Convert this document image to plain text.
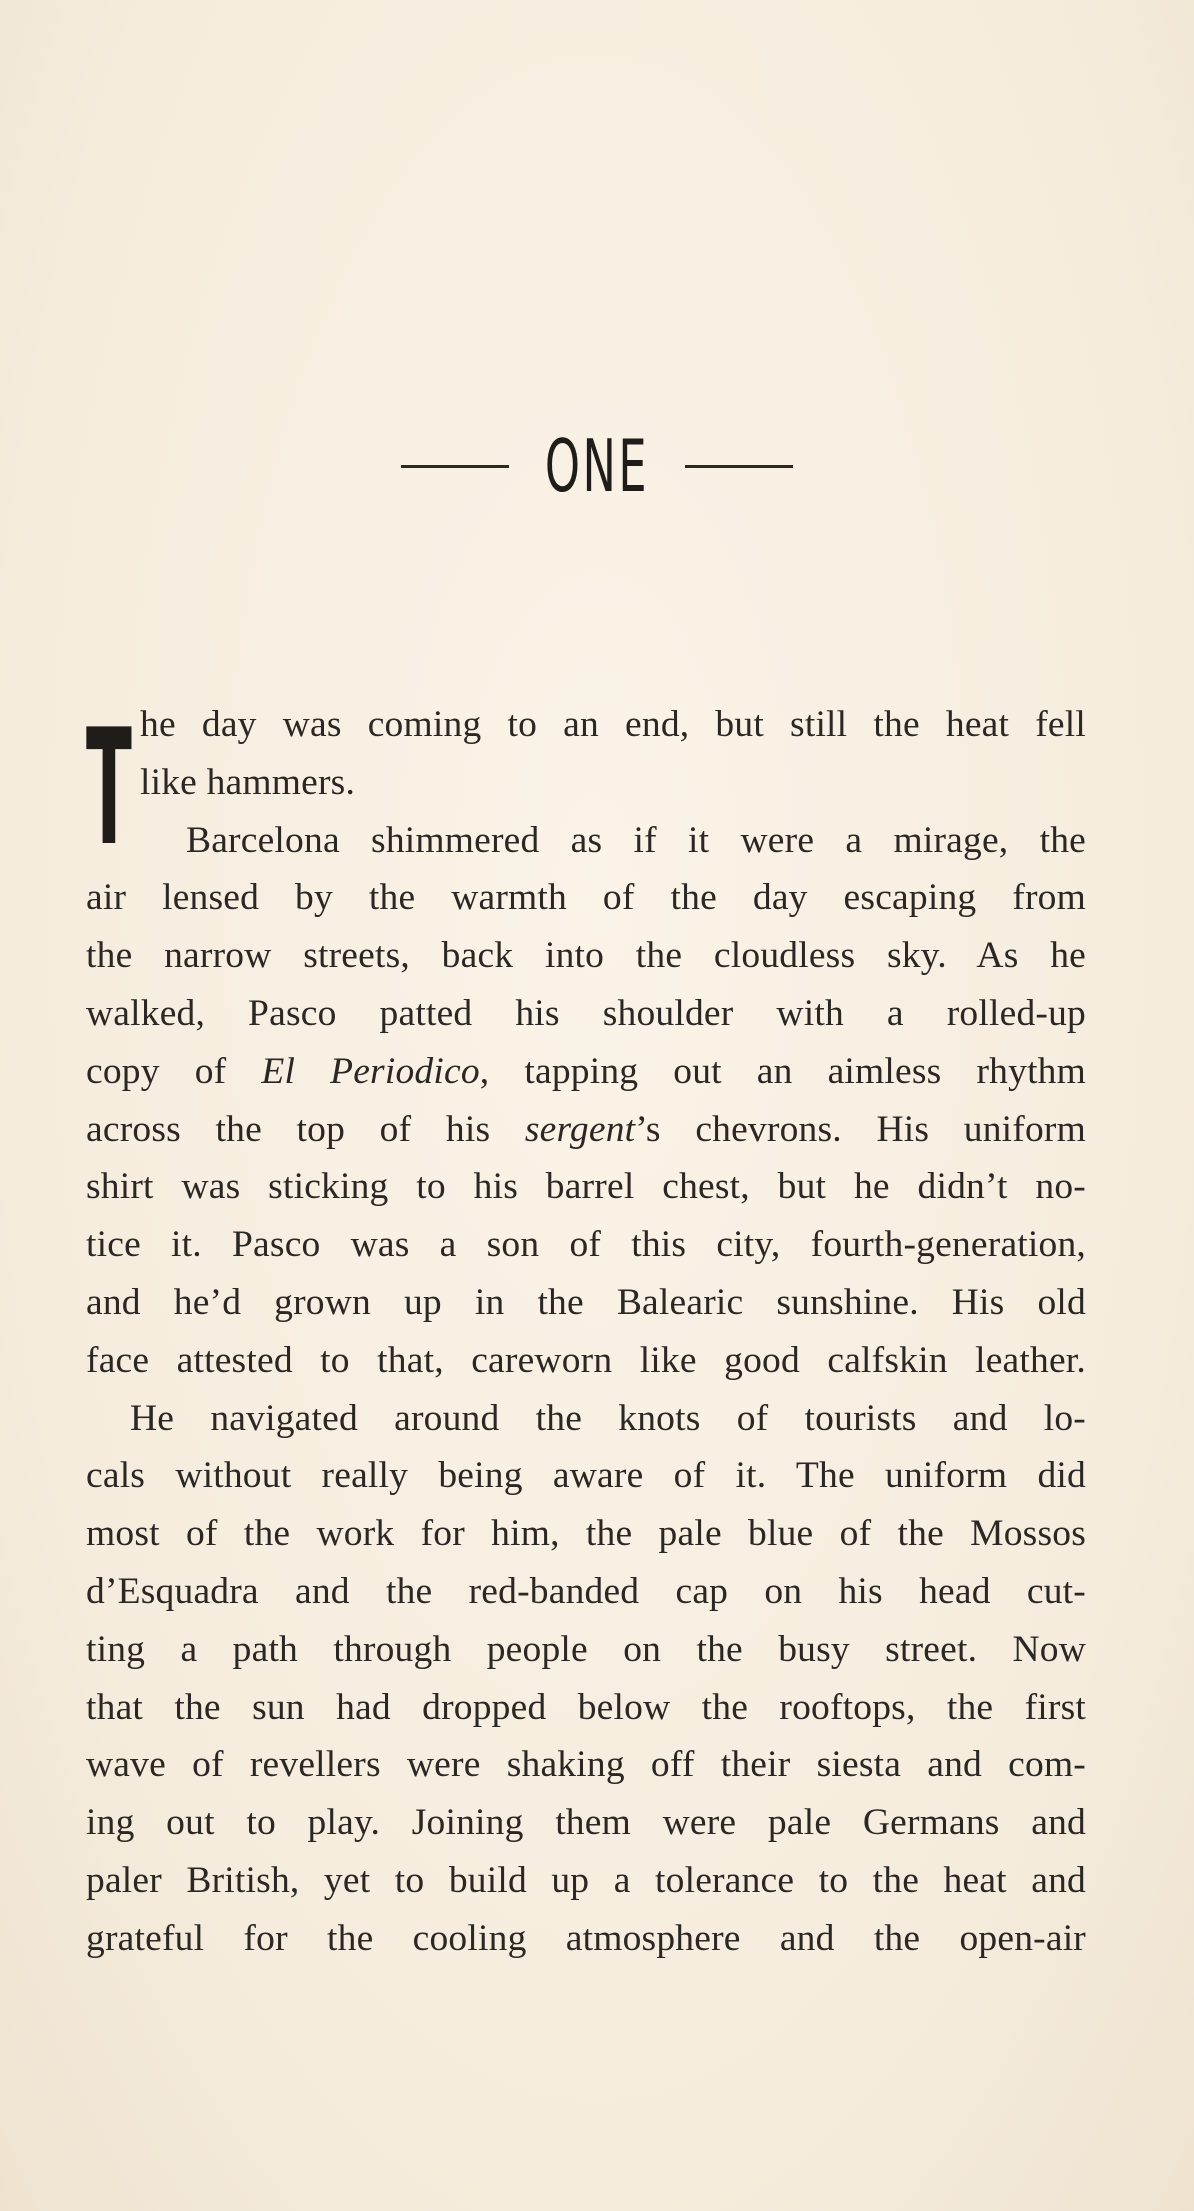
ONE
T he day was coming to an end, but still the heat fell
like hammers.
Barcelona shimmered as if it were a mirage, the
air lensed by the warmth of the day escaping from
the narrow streets, back into the cloudless sky. As he
walked, Pasco patted his shoulder with a rolled-up
copy of El Periodico, tapping out an aimless rhythm
across the top of his sergent’s chevrons. His uniform
shirt was sticking to his barrel chest, but he didn’t no-
tice it. Pasco was a son of this city, fourth-generation,
and he’d grown up in the Balearic sunshine. His old
face attested to that, careworn like good calfskin leather.
He navigated around the knots of tourists and lo-
cals without really being aware of it. The uniform did
most of the work for him, the pale blue of the Mossos
d’Esquadra and the red-banded cap on his head cut-
ting a path through people on the busy street. Now
that the sun had dropped below the rooftops, the first
wave of revellers were shaking off their siesta and com-
ing out to play. Joining them were pale Germans and
paler British, yet to build up a tolerance to the heat and
grateful for the cooling atmosphere and the open-air
